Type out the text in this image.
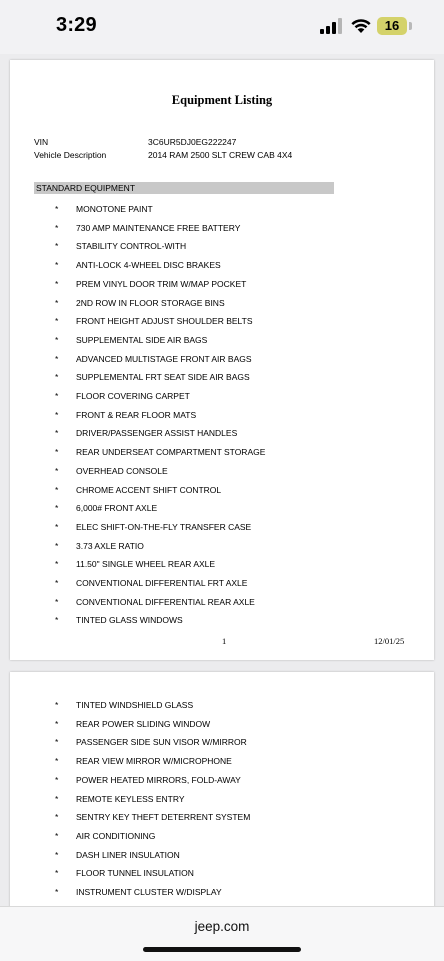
3:29	16
Equipment Listing
VIN	3C6UR5DJ0EG222247
Vehicle Description	2014 RAM 2500 SLT CREW CAB 4X4
STANDARD EQUIPMENT
* MONOTONE PAINT
* 730 AMP MAINTENANCE FREE BATTERY
* STABILITY CONTROL-WITH
* ANTI-LOCK 4-WHEEL DISC BRAKES
* PREM VINYL DOOR TRIM W/MAP POCKET
* 2ND ROW IN FLOOR STORAGE BINS
* FRONT HEIGHT ADJUST SHOULDER BELTS
* SUPPLEMENTAL SIDE AIR BAGS
* ADVANCED MULTISTAGE FRONT AIR BAGS
* SUPPLEMENTAL FRT SEAT SIDE AIR BAGS
* FLOOR COVERING CARPET
* FRONT & REAR FLOOR MATS
* DRIVER/PASSENGER ASSIST HANDLES
* REAR UNDERSEAT COMPARTMENT STORAGE
* OVERHEAD CONSOLE
* CHROME ACCENT SHIFT CONTROL
* 6,000# FRONT AXLE
* ELEC SHIFT-ON-THE-FLY TRANSFER CASE
* 3.73 AXLE RATIO
* 11.50" SINGLE WHEEL REAR AXLE
* CONVENTIONAL DIFFERENTIAL FRT AXLE
* CONVENTIONAL DIFFERENTIAL REAR AXLE
* TINTED GLASS WINDOWS
1	12/01/25
* TINTED WINDSHIELD GLASS
* REAR POWER SLIDING WINDOW
* PASSENGER SIDE SUN VISOR W/MIRROR
* REAR VIEW MIRROR W/MICROPHONE
* POWER HEATED MIRRORS, FOLD-AWAY
* REMOTE KEYLESS ENTRY
* SENTRY KEY THEFT DETERRENT SYSTEM
* AIR CONDITIONING
* DASH LINER INSULATION
* FLOOR TUNNEL INSULATION
* INSTRUMENT CLUSTER W/DISPLAY
jeep.com
